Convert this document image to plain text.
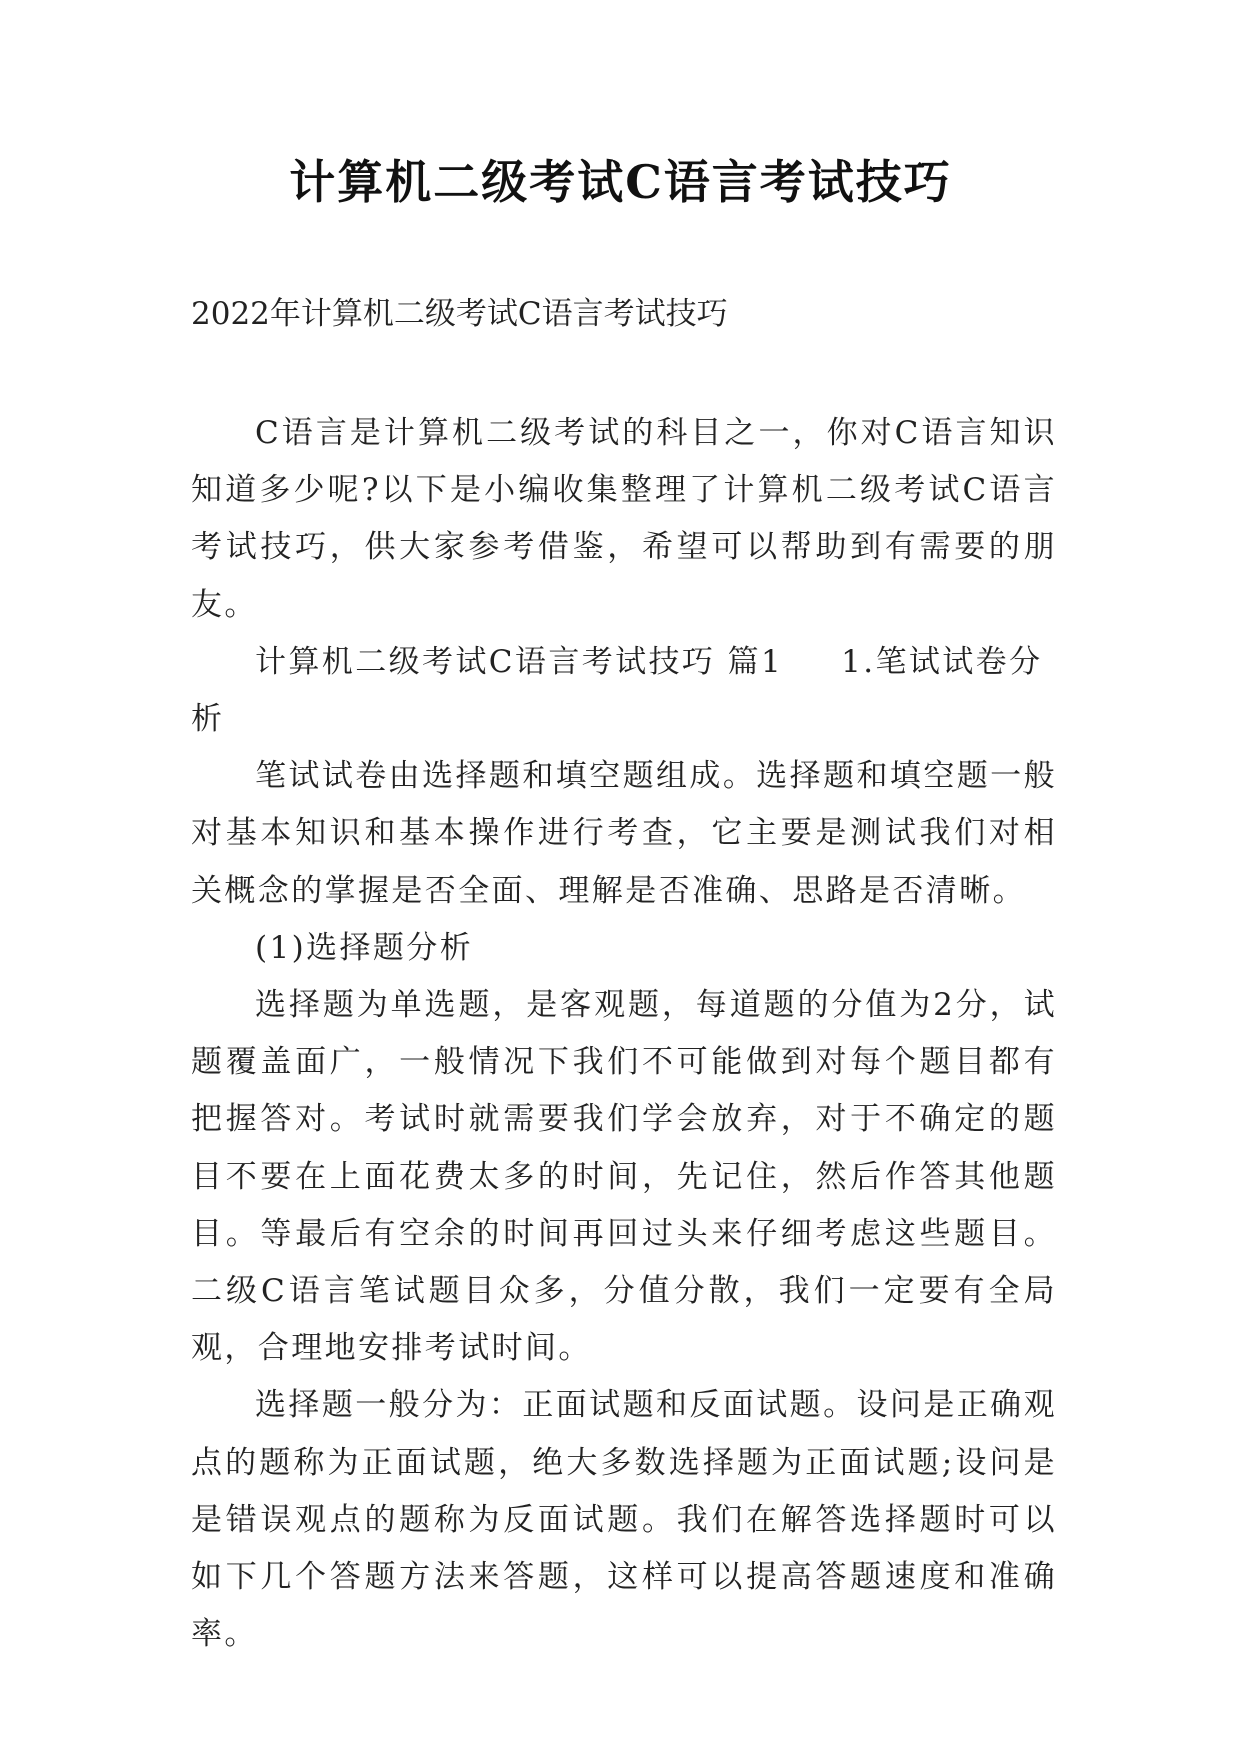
计算机二级考试C语言考试技巧

2022年计算机二级考试C语言考试技巧

C语言是计算机二级考试的科目之一，你对C语言知识知道多少呢?以下是小编收集整理了计算机二级考试C语言考试技巧，供大家参考借鉴，希望可以帮助到有需要的朋友。

计算机二级考试C语言考试技巧 篇1 1.笔试试卷分析

笔试试卷由选择题和填空题组成。选择题和填空题一般对基本知识和基本操作进行考查，它主要是测试我们对相关概念的掌握是否全面、理解是否准确、思路是否清晰。

(1)选择题分析

选择题为单选题，是客观题，每道题的分值为2分，试题覆盖面广，一般情况下我们不可能做到对每个题目都有把握答对。考试时就需要我们学会放弃，对于不确定的题目不要在上面花费太多的时间，先记住，然后作答其他题目。等最后有空余的时间再回过头来仔细考虑这些题目。二级C语言笔试题目众多，分值分散，我们一定要有全局观，合理地安排考试时间。

选择题一般分为：正面试题和反面试题。设问是正确观点的题称为正面试题，绝大多数选择题为正面试题;设问是是错误观点的题称为反面试题。我们在解答选择题时可以如下几个答题方法来答题，这样可以提高答题速度和准确率。
